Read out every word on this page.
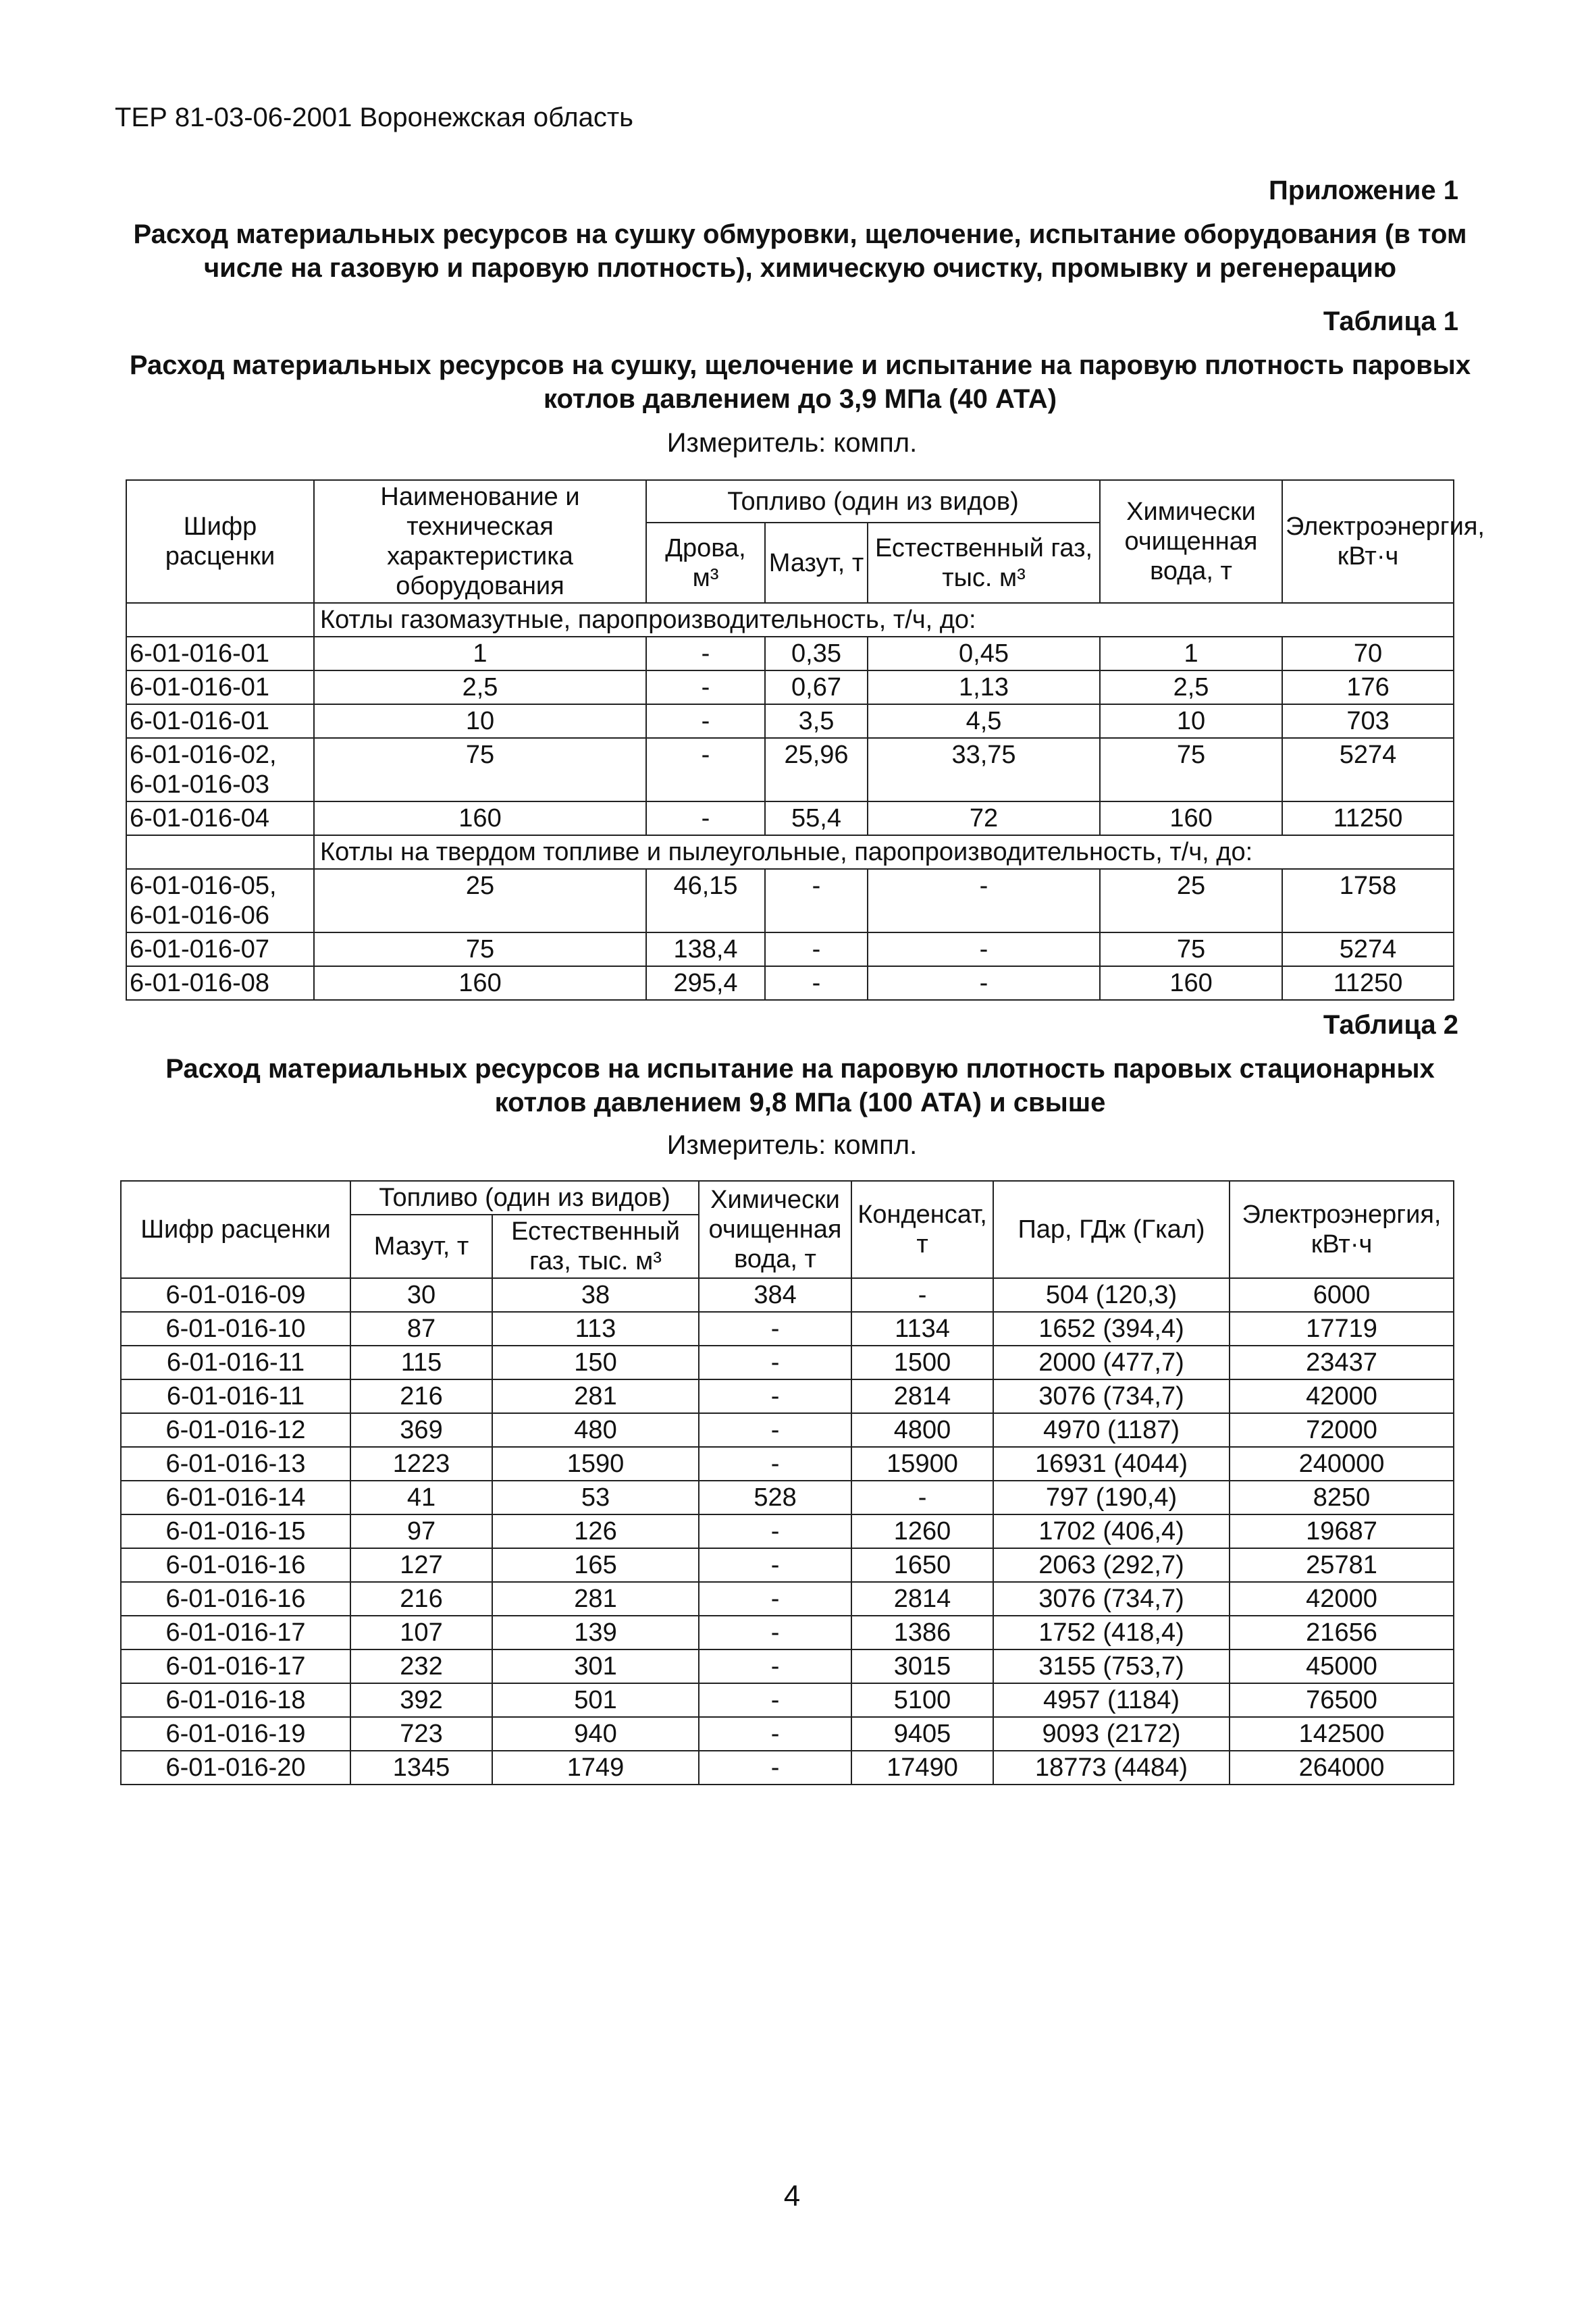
ТЕР 81-03-06-2001 Воронежская область
Приложение 1
Расход материальных ресурсов на сушку обмуровки, щелочение, испытание оборудования (в том числе на газовую и паровую плотность), химическую очистку, промывку и регенерацию
Таблица 1
Расход материальных ресурсов на сушку, щелочение и испытание на паровую плотность паровых котлов давлением до 3,9 МПа (40 АТА)
Измеритель: компл.
Шифр расценки	Наименование и техническая характеристика оборудования	Топливо (один из видов)			Химически очищенная вода, т	Электроэнергия, кВт·ч
		Дрова, м³	Мазут, т	Естественный газ, тыс. м³		
	Котлы газомазутные, паропроизводительность, т/ч, до:					
6-01-016-01	1	-	0,35	0,45	1	70
6-01-016-01	2,5	-	0,67	1,13	2,5	176
6-01-016-01	10	-	3,5	4,5	10	703
6-01-016-02,
6-01-016-03	75	-	25,96	33,75	75	5274
6-01-016-04	160	-	55,4	72	160	11250
	Котлы на твердом топливе и пылеугольные, паропроизводительность, т/ч, до:					
6-01-016-05,
6-01-016-06	25	46,15	-	-	25	1758
6-01-016-07	75	138,4	-	-	75	5274
6-01-016-08	160	295,4	-	-	160	11250
Таблица 2
Расход материальных ресурсов на испытание на паровую плотность паровых стационарных котлов давлением 9,8 МПа (100 АТА) и свыше
Измеритель: компл.
Шифр расценки	Топливо (один из видов)		Химически очищенная вода, т	Конденсат, т	Пар, ГДж (Гкал)	Электроэнергия, кВт·ч
	Мазут, т	Естественный газ, тыс. м³				
6-01-016-09	30	38	384	-	504 (120,3)	6000
6-01-016-10	87	113	-	1134	1652 (394,4)	17719
6-01-016-11	115	150	-	1500	2000 (477,7)	23437
6-01-016-11	216	281	-	2814	3076 (734,7)	42000
6-01-016-12	369	480	-	4800	4970 (1187)	72000
6-01-016-13	1223	1590	-	15900	16931 (4044)	240000
6-01-016-14	41	53	528	-	797 (190,4)	8250
6-01-016-15	97	126	-	1260	1702 (406,4)	19687
6-01-016-16	127	165	-	1650	2063 (292,7)	25781
6-01-016-16	216	281	-	2814	3076 (734,7)	42000
6-01-016-17	107	139	-	1386	1752 (418,4)	21656
6-01-016-17	232	301	-	3015	3155 (753,7)	45000
6-01-016-18	392	501	-	5100	4957 (1184)	76500
6-01-016-19	723	940	-	9405	9093 (2172)	142500
6-01-016-20	1345	1749	-	17490	18773 (4484)	264000
4
